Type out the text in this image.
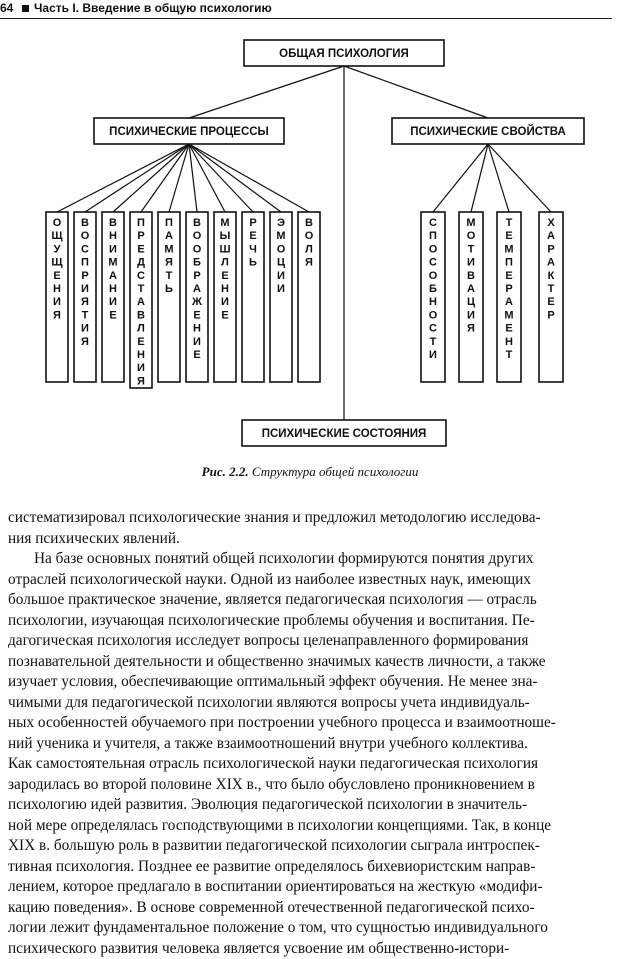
64 Часть I. Введение в общую психологию
ОБЩАЯ ПСИХОЛОГИЯ
ПСИХИЧЕСКИЕ ПРОЦЕССЫ	ПСИХИЧЕСКИЕ СВОЙСТВА
ПСИХИЧЕСКИЕ СОСТОЯНИЯ
О Щ У Щ Е Н И Я
В О С П Р И Я Т И Я
В Н И М А Н И Е
П Р Е Д С Т А В Л Е Н И Я
П А М Я Т Ь
В О О Б Р А Ж Е Н И Е
М Ы Ш Л Е Н И Е
Р Е Ч Ь
Э М О Ц И И
В О Л Я
С П О С О Б Н О С Т И
М О Т И В А Ц И Я
Т Е М П Е Р А М Е Н Т
Х А Р А К Т Е Р
Рис. 2.2. Структура общей психологии
систематизировал психологические знания и предложил методологию исследова-
ния психических явлений.
На базе основных понятий общей психологии формируются понятия других
отраслей психологической науки. Одной из наиболее известных наук, имеющих
большое практическое значение, является педагогическая психология — отрасль
психологии, изучающая психологические проблемы обучения и воспитания. Пе-
дагогическая психология исследует вопросы целенаправленного формирования
познавательной деятельности и общественно значимых качеств личности, а также
изучает условия, обеспечивающие оптимальный эффект обучения. Не менее зна-
чимыми для педагогической психологии являются вопросы учета индивидуаль-
ных особенностей обучаемого при построении учебного процесса и взаимоотноше-
ний ученика и учителя, а также взаимоотношений внутри учебного коллектива.
Как самостоятельная отрасль психологической науки педагогическая психология
зародилась во второй половине XIX в., что было обусловлено проникновением в
психологию идей развития. Эволюция педагогической психологии в значитель-
ной мере определялась господствующими в психологии концепциями. Так, в конце
XIX в. большую роль в развитии педагогической психологии сыграла интроспек-
тивная психология. Позднее ее развитие определялось бихевиористским направ-
лением, которое предлагало в воспитании ориентироваться на жесткую «модифи-
кацию поведения». В основе современной отечественной педагогической психо-
логии лежит фундаментальное положение о том, что сущностью индивидуального
психического развития человека является усвоение им общественно-истори-
